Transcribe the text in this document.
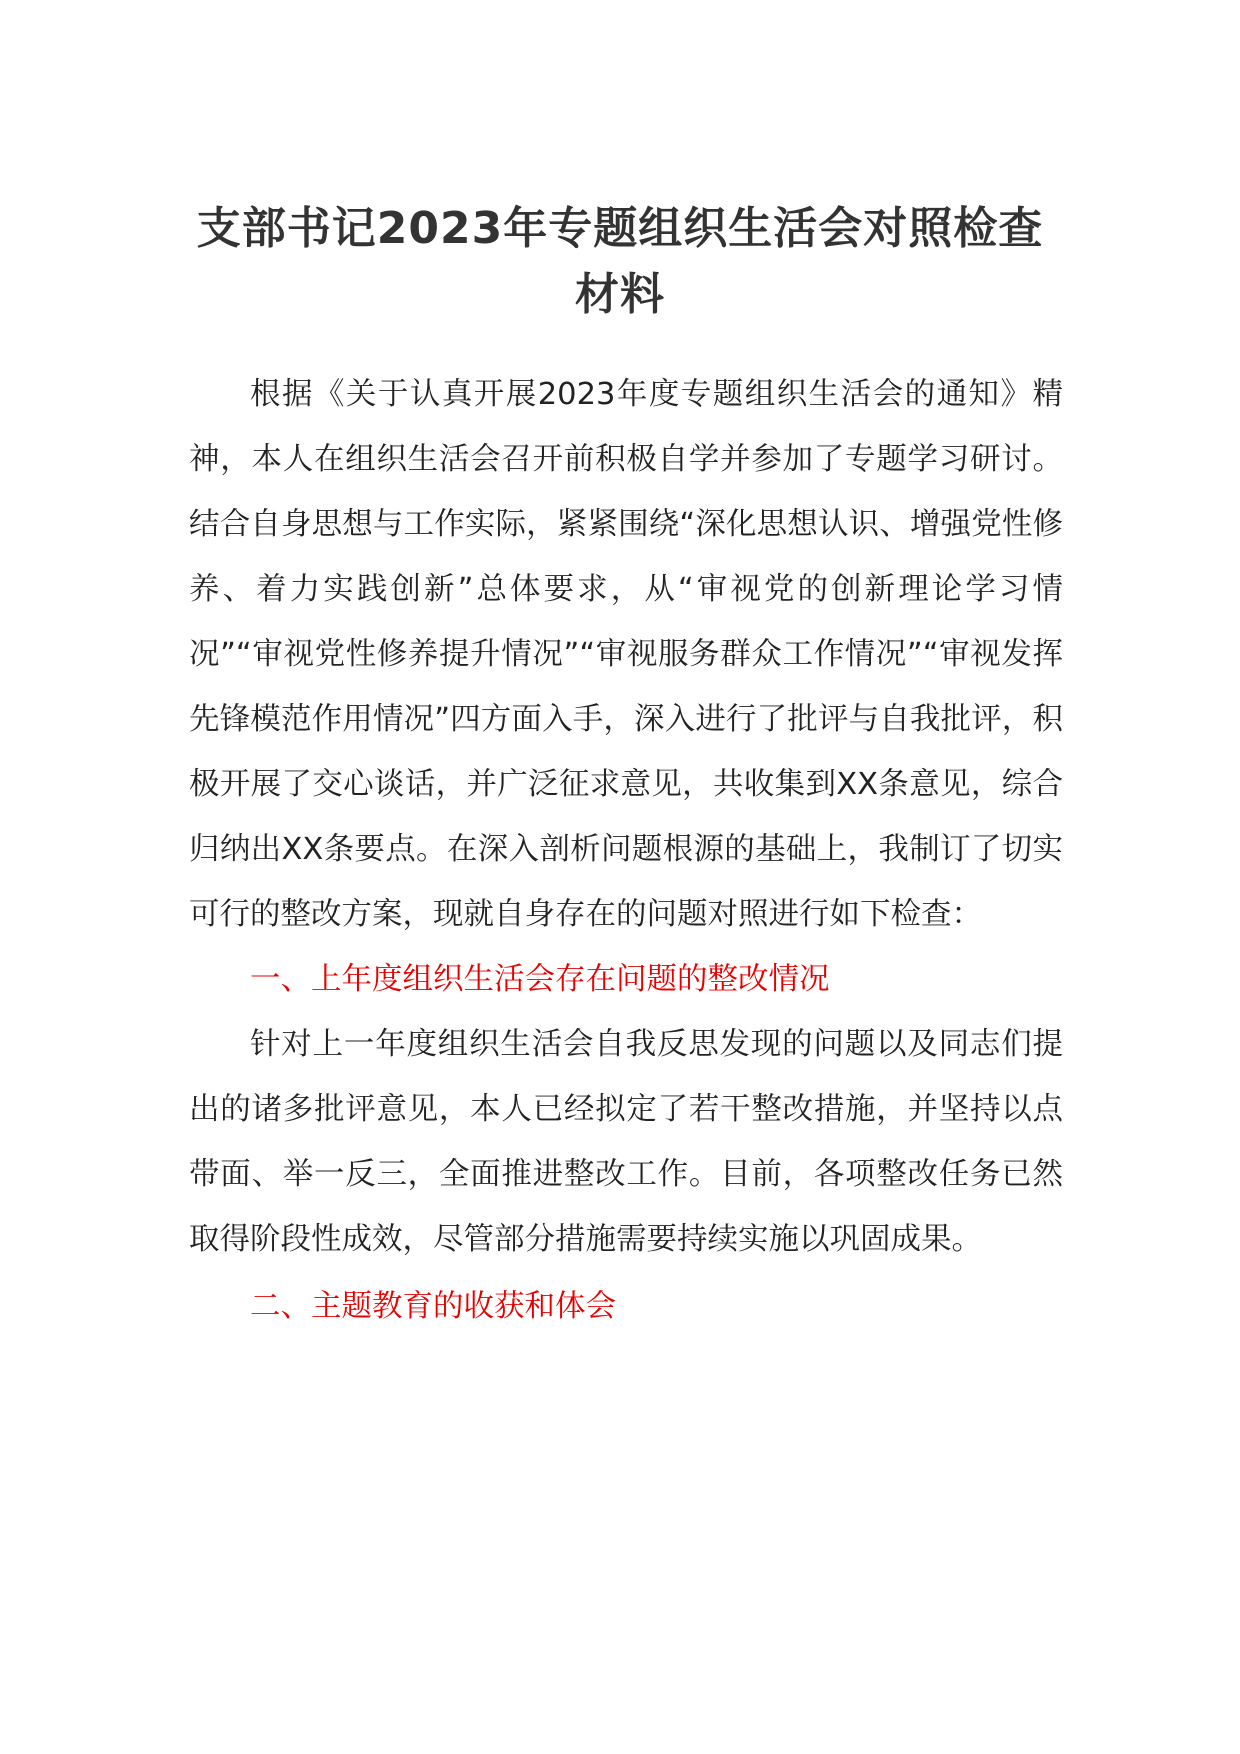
支部书记2023年专题组织生活会对照检查材料

根据《关于认真开展2023年度专题组织生活会的通知》精神，本人在组织生活会召开前积极自学并参加了专题学习研讨。结合自身思想与工作实际，紧紧围绕“深化思想认识、增强党性修养、着力实践创新”总体要求，从“审视党的创新理论学习情况”“审视党性修养提升情况”“审视服务群众工作情况”“审视发挥先锋模范作用情况”四方面入手，深入进行了批评与自我批评，积极开展了交心谈话，并广泛征求意见，共收集到XX条意见，综合归纳出XX条要点。在深入剖析问题根源的基础上，我制订了切实可行的整改方案，现就自身存在的问题对照进行如下检查：

一、上年度组织生活会存在问题的整改情况

针对上一年度组织生活会自我反思发现的问题以及同志们提出的诸多批评意见，本人已经拟定了若干整改措施，并坚持以点带面、举一反三，全面推进整改工作。目前，各项整改任务已然取得阶段性成效，尽管部分措施需要持续实施以巩固成果。

二、主题教育的收获和体会
